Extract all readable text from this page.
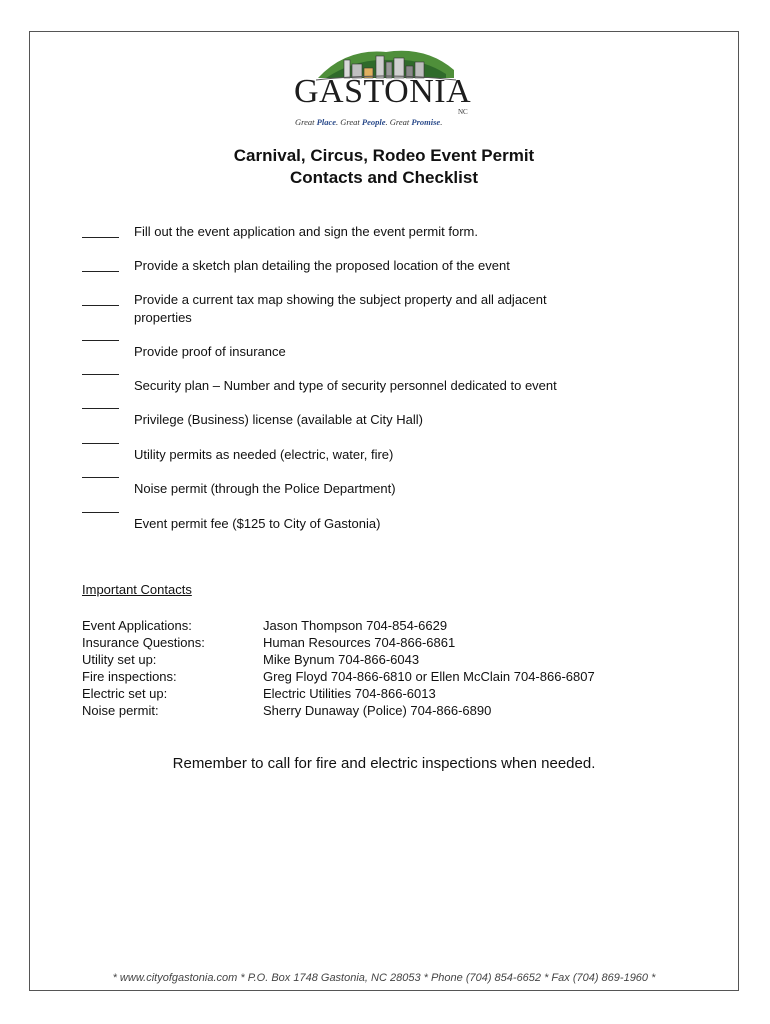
GASTONIA
NC
Great Place. Great People. Great Promise.
Carnival, Circus, Rodeo Event Permit
Contacts and Checklist
Fill out the event application and sign the event permit form.
Provide a sketch plan detailing the proposed location of the event
Provide a current tax map showing the subject property and all adjacent properties
Provide proof of insurance
Security plan – Number and type of security personnel dedicated to event
Privilege (Business) license (available at City Hall)
Utility permits as needed (electric, water, fire)
Noise permit (through the Police Department)
Event permit fee ($125 to City of Gastonia)
Important Contacts
Event Applications:	Jason Thompson 704-854-6629
Insurance Questions:	Human Resources 704-866-6861
Utility set up:	Mike Bynum 704-866-6043
Fire inspections:	Greg Floyd 704-866-6810 or Ellen McClain 704-866-6807
Electric set up:	Electric Utilities 704-866-6013
Noise permit:	Sherry Dunaway (Police) 704-866-6890
Remember to call for fire and electric inspections when needed.
* www.cityofgastonia.com * P.O. Box 1748 Gastonia, NC 28053 * Phone (704) 854-6652 * Fax (704) 869-1960 *
